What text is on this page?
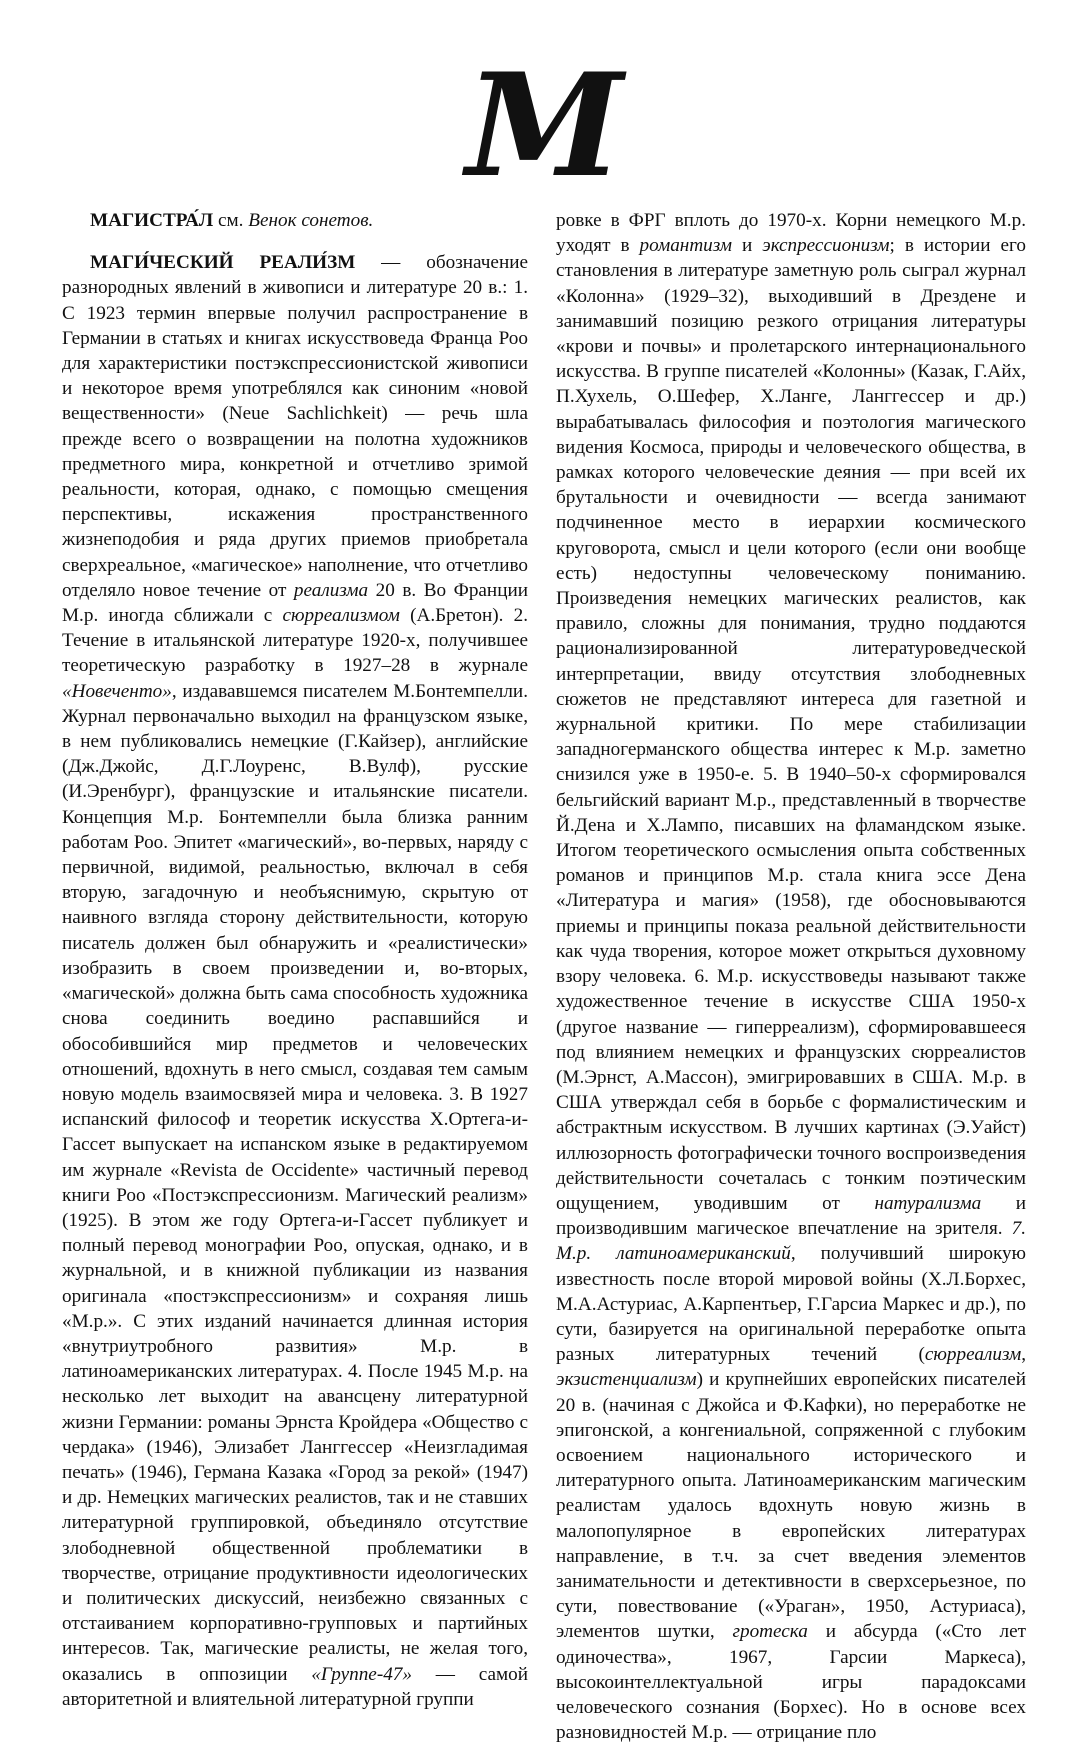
М

МАГИСТРА́Л см. Венок сонетов.

МАГИ́ЧЕСКИЙ РЕАЛИ́ЗМ — обозначение разнородных явлений в живописи и литературе 20 в.: 1. С 1923 термин впервые получил распространение в Германии в статьях и книгах искусствоведа Франца Роо для характеристики постэкспрессионистской живописи и некоторое время употреблялся как синоним «новой вещественности» (Neue Sachlichkeit) — речь шла прежде всего о возвращении на полотна художников предметного мира, конкретной и отчетливо зримой реальности, которая, однако, с помощью смещения перспективы, искажения пространственного жизнеподобия и ряда других приемов приобретала сверхреальное, «магическое» наполнение, что отчетливо отделяло новое течение от реализма 20 в. Во Франции М.р. иногда сближали с сюрреализмом (А.Бретон). 2. Течение в итальянской литературе 1920-х, получившее теоретическую разработку в 1927–28 в журнале «Новеченто», издававшемся писателем М.Бонтемпелли. Журнал первоначально выходил на французском языке, в нем публиковались немецкие (Г.Кайзер), английские (Дж.Джойс, Д.Г.Лоуренс, В.Вулф), русские (И.Эренбург), французские и итальянские писатели. Концепция М.р. Бонтемпелли была близка ранним работам Роо. Эпитет «магический», во-первых, наряду с первичной, видимой, реальностью, включал в себя вторую, загадочную и необъяснимую, скрытую от наивного взгляда сторону действительности, которую писатель должен был обнаружить и «реалистически» изобразить в своем произведении и, во-вторых, «магической» должна быть сама способность художника снова соединить воедино распавшийся и обособившийся мир предметов и человеческих отношений, вдохнуть в него смысл, создавая тем самым новую модель взаимосвязей мира и человека. 3. В 1927 испанский философ и теоретик искусства Х.Ортега-и-Гассет выпускает на испанском языке в редактируемом им журнале «Revista de Occidente» частичный перевод книги Роо «Постэкспрессионизм. Магический реализм» (1925). В этом же году Ортега-и-Гассет публикует и полный перевод монографии Роо, опуская, однако, и в журнальной, и в книжной публикации из названия оригинала «постэкспрессионизм» и сохраняя лишь «М.р.». С этих изданий начинается длинная история «внутриутробного развития» М.р. в латиноамериканских литературах. 4. После 1945 М.р. на несколько лет выходит на авансцену литературной жизни Германии: романы Эрнста Кройдера «Общество с чердака» (1946), Элизабет Ланггессер «Неизгладимая печать» (1946), Германа Казака «Город за рекой» (1947) и др. Немецких магических реалистов, так и не ставших литературной группировкой, объединяло отсутствие злободневной общественной проблематики в творчестве, отрицание продуктивности идеологических и политических дискуссий, неизбежно связанных с отстаиванием корпоративно-групповых и партийных интересов. Так, магические реалисты, не желая того, оказались в оппозиции «Группе-47» — самой авторитетной и влиятельной литературной группи

ровке в ФРГ вплоть до 1970-х. Корни немецкого М.р. уходят в романтизм и экспрессионизм; в истории его становления в литературе заметную роль сыграл журнал «Колонна» (1929–32), выходивший в Дрездене и занимавший позицию резкого отрицания литературы «крови и почвы» и пролетарского интернационального искусства. В группе писателей «Колонны» (Казак, Г.Айх, П.Хухель, О.Шефер, Х.Ланге, Ланггессер и др.) вырабатывалась философия и поэтология магического видения Космоса, природы и человеческого общества, в рамках которого человеческие деяния — при всей их брутальности и очевидности — всегда занимают подчиненное место в иерархии космического круговорота, смысл и цели которого (если они вообще есть) недоступны человеческому пониманию. Произведения немецких магических реалистов, как правило, сложны для понимания, трудно поддаются рационализированной литературоведческой интерпретации, ввиду отсутствия злободневных сюжетов не представляют интереса для газетной и журнальной критики. По мере стабилизации западногерманского общества интерес к М.р. заметно снизился уже в 1950-е. 5. В 1940–50-х сформировался бельгийский вариант М.р., представленный в творчестве Й.Дена и Х.Лампо, писавших на фламандском языке. Итогом теоретического осмысления опыта собственных романов и принципов М.р. стала книга эссе Дена «Литература и магия» (1958), где обосновываются приемы и принципы показа реальной действительности как чуда творения, которое может открыться духовному взору человека. 6. М.р. искусствоведы называют также художественное течение в искусстве США 1950-х (другое название — гиперреализм), сформировавшееся под влиянием немецких и французских сюрреалистов (М.Эрнст, А.Массон), эмигрировавших в США. М.р. в США утверждал себя в борьбе с формалистическим и абстрактным искусством. В лучших картинах (Э.Уайст) иллюзорность фотографически точного воспроизведения действительности сочеталась с тонким поэтическим ощущением, уводившим от натурализма и производившим магическое впечатление на зрителя. 7. М.р. латиноамериканский, получивший широкую известность после второй мировой войны (Х.Л.Борхес, М.А.Астуриас, А.Карпентьер, Г.Гарсиа Маркес и др.), по сути, базируется на оригинальной переработке опыта разных литературных течений (сюрреализм, экзистенциализм) и крупнейших европейских писателей 20 в. (начиная с Джойса и Ф.Кафки), но переработке не эпигонской, а конгениальной, сопряженной с глубоким освоением национального исторического и литературного опыта. Латиноамериканским магическим реалистам удалось вдохнуть новую жизнь в малопопулярное в европейских литературах направление, в т.ч. за счет введения элементов занимательности и детективности в сверхсерьезное, по сути, повествование («Ураган», 1950, Астуриаса), элементов шутки, гротеска и абсурда («Сто лет одиночества», 1967, Гарсии Маркеса), высокоинтеллектуальной игры парадоксами человеческого сознания (Борхес). Но в основе всех разновидностей М.р. — отрицание пло
